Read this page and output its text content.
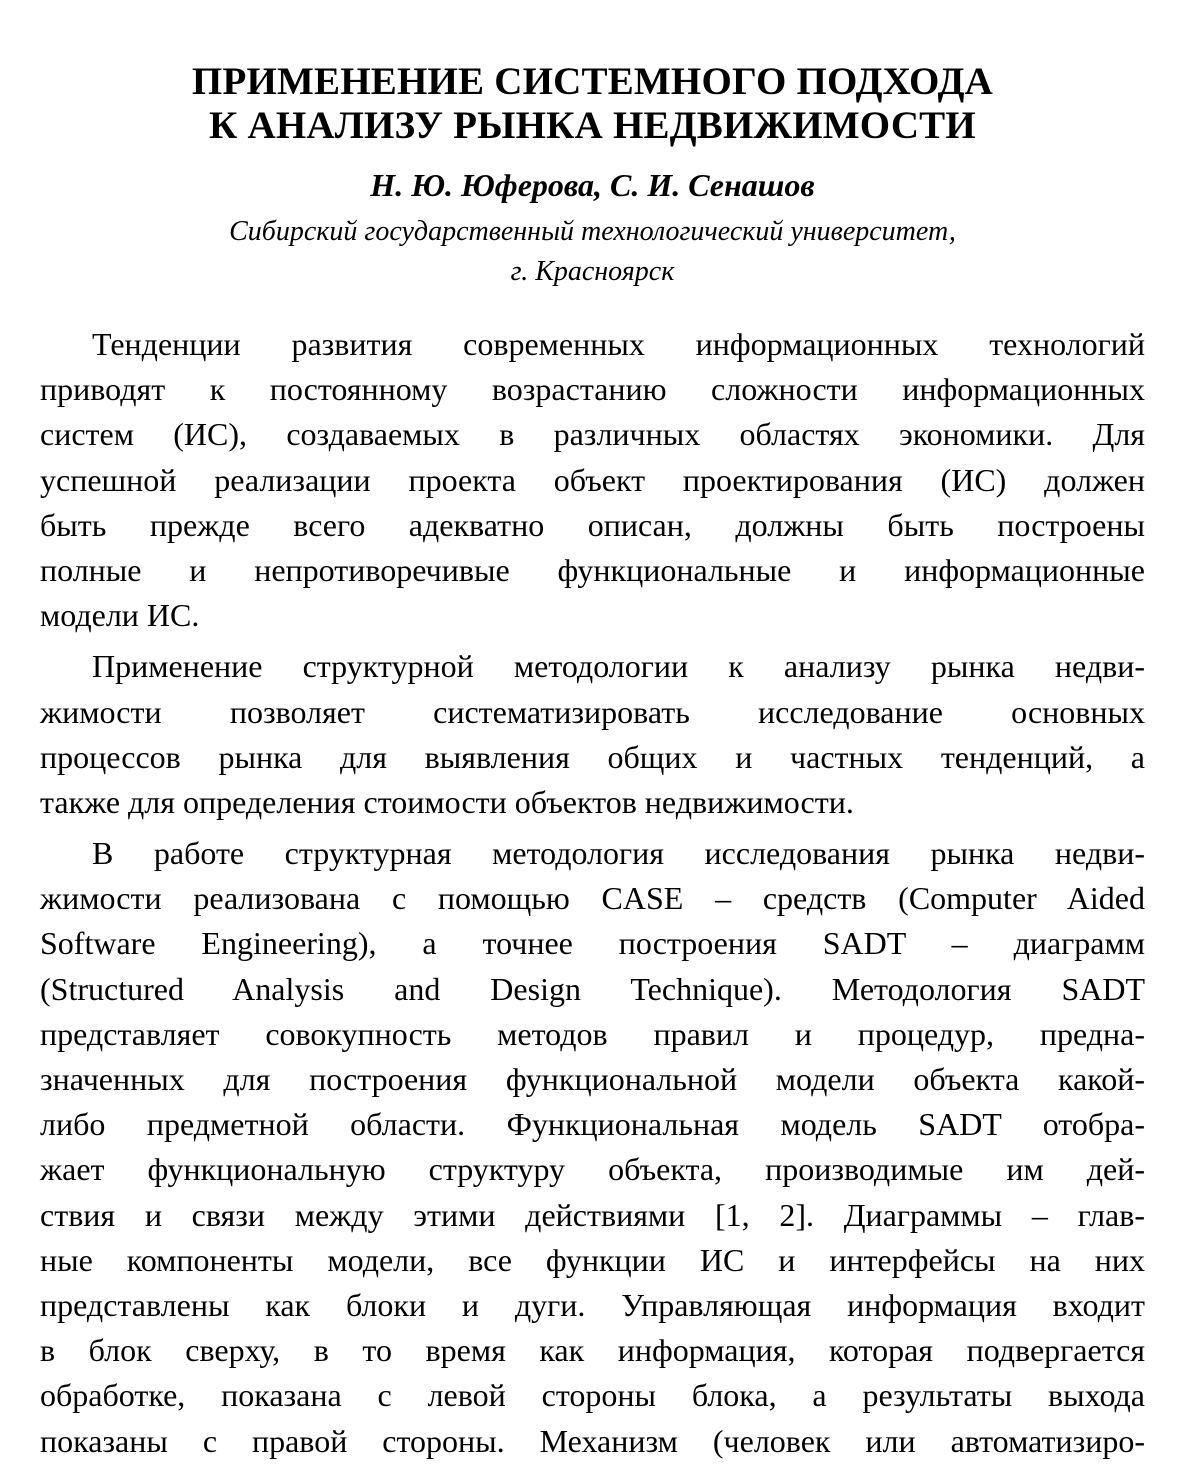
ПРИМЕНЕНИЕ СИСТЕМНОГО ПОДХОДА
К АНАЛИЗУ РЫНКА НЕДВИЖИМОСТИ
Н. Ю. Юферова, С. И. Сенашов
Сибирский государственный технологический университет,
г. Красноярск
Тенденции развития современных информационных технологий
приводят к постоянному возрастанию сложности информационных
систем (ИС), создаваемых в различных областях экономики. Для
успешной реализации проекта объект проектирования (ИС) должен
быть прежде всего адекватно описан, должны быть построены
полные и непротиворечивые функциональные и информационные
модели ИС.
Применение структурной методологии к анализу рынка недви-
жимости позволяет систематизировать исследование основных
процессов рынка для выявления общих и частных тенденций, а
также для определения стоимости объектов недвижимости.
В работе структурная методология исследования рынка недви-
жимости реализована с помощью CASE – средств (Computer Aided
Software Engineering), а точнее построения SADT – диаграмм
(Structured Analysis and Design Technique). Методология SADT
представляет совокупность методов правил и процедур, предна-
значенных для построения функциональной модели объекта какой-
либо предметной области. Функциональная модель SADT отобра-
жает функциональную структуру объекта, производимые им дей-
ствия и связи между этими действиями [1, 2]. Диаграммы – глав-
ные компоненты модели, все функции ИС и интерфейсы на них
представлены как блоки и дуги. Управляющая информация входит
в блок сверху, в то время как информация, которая подвергается
обработке, показана с левой стороны блока, а результаты выхода
показаны с правой стороны. Механизм (человек или автоматизиро-
